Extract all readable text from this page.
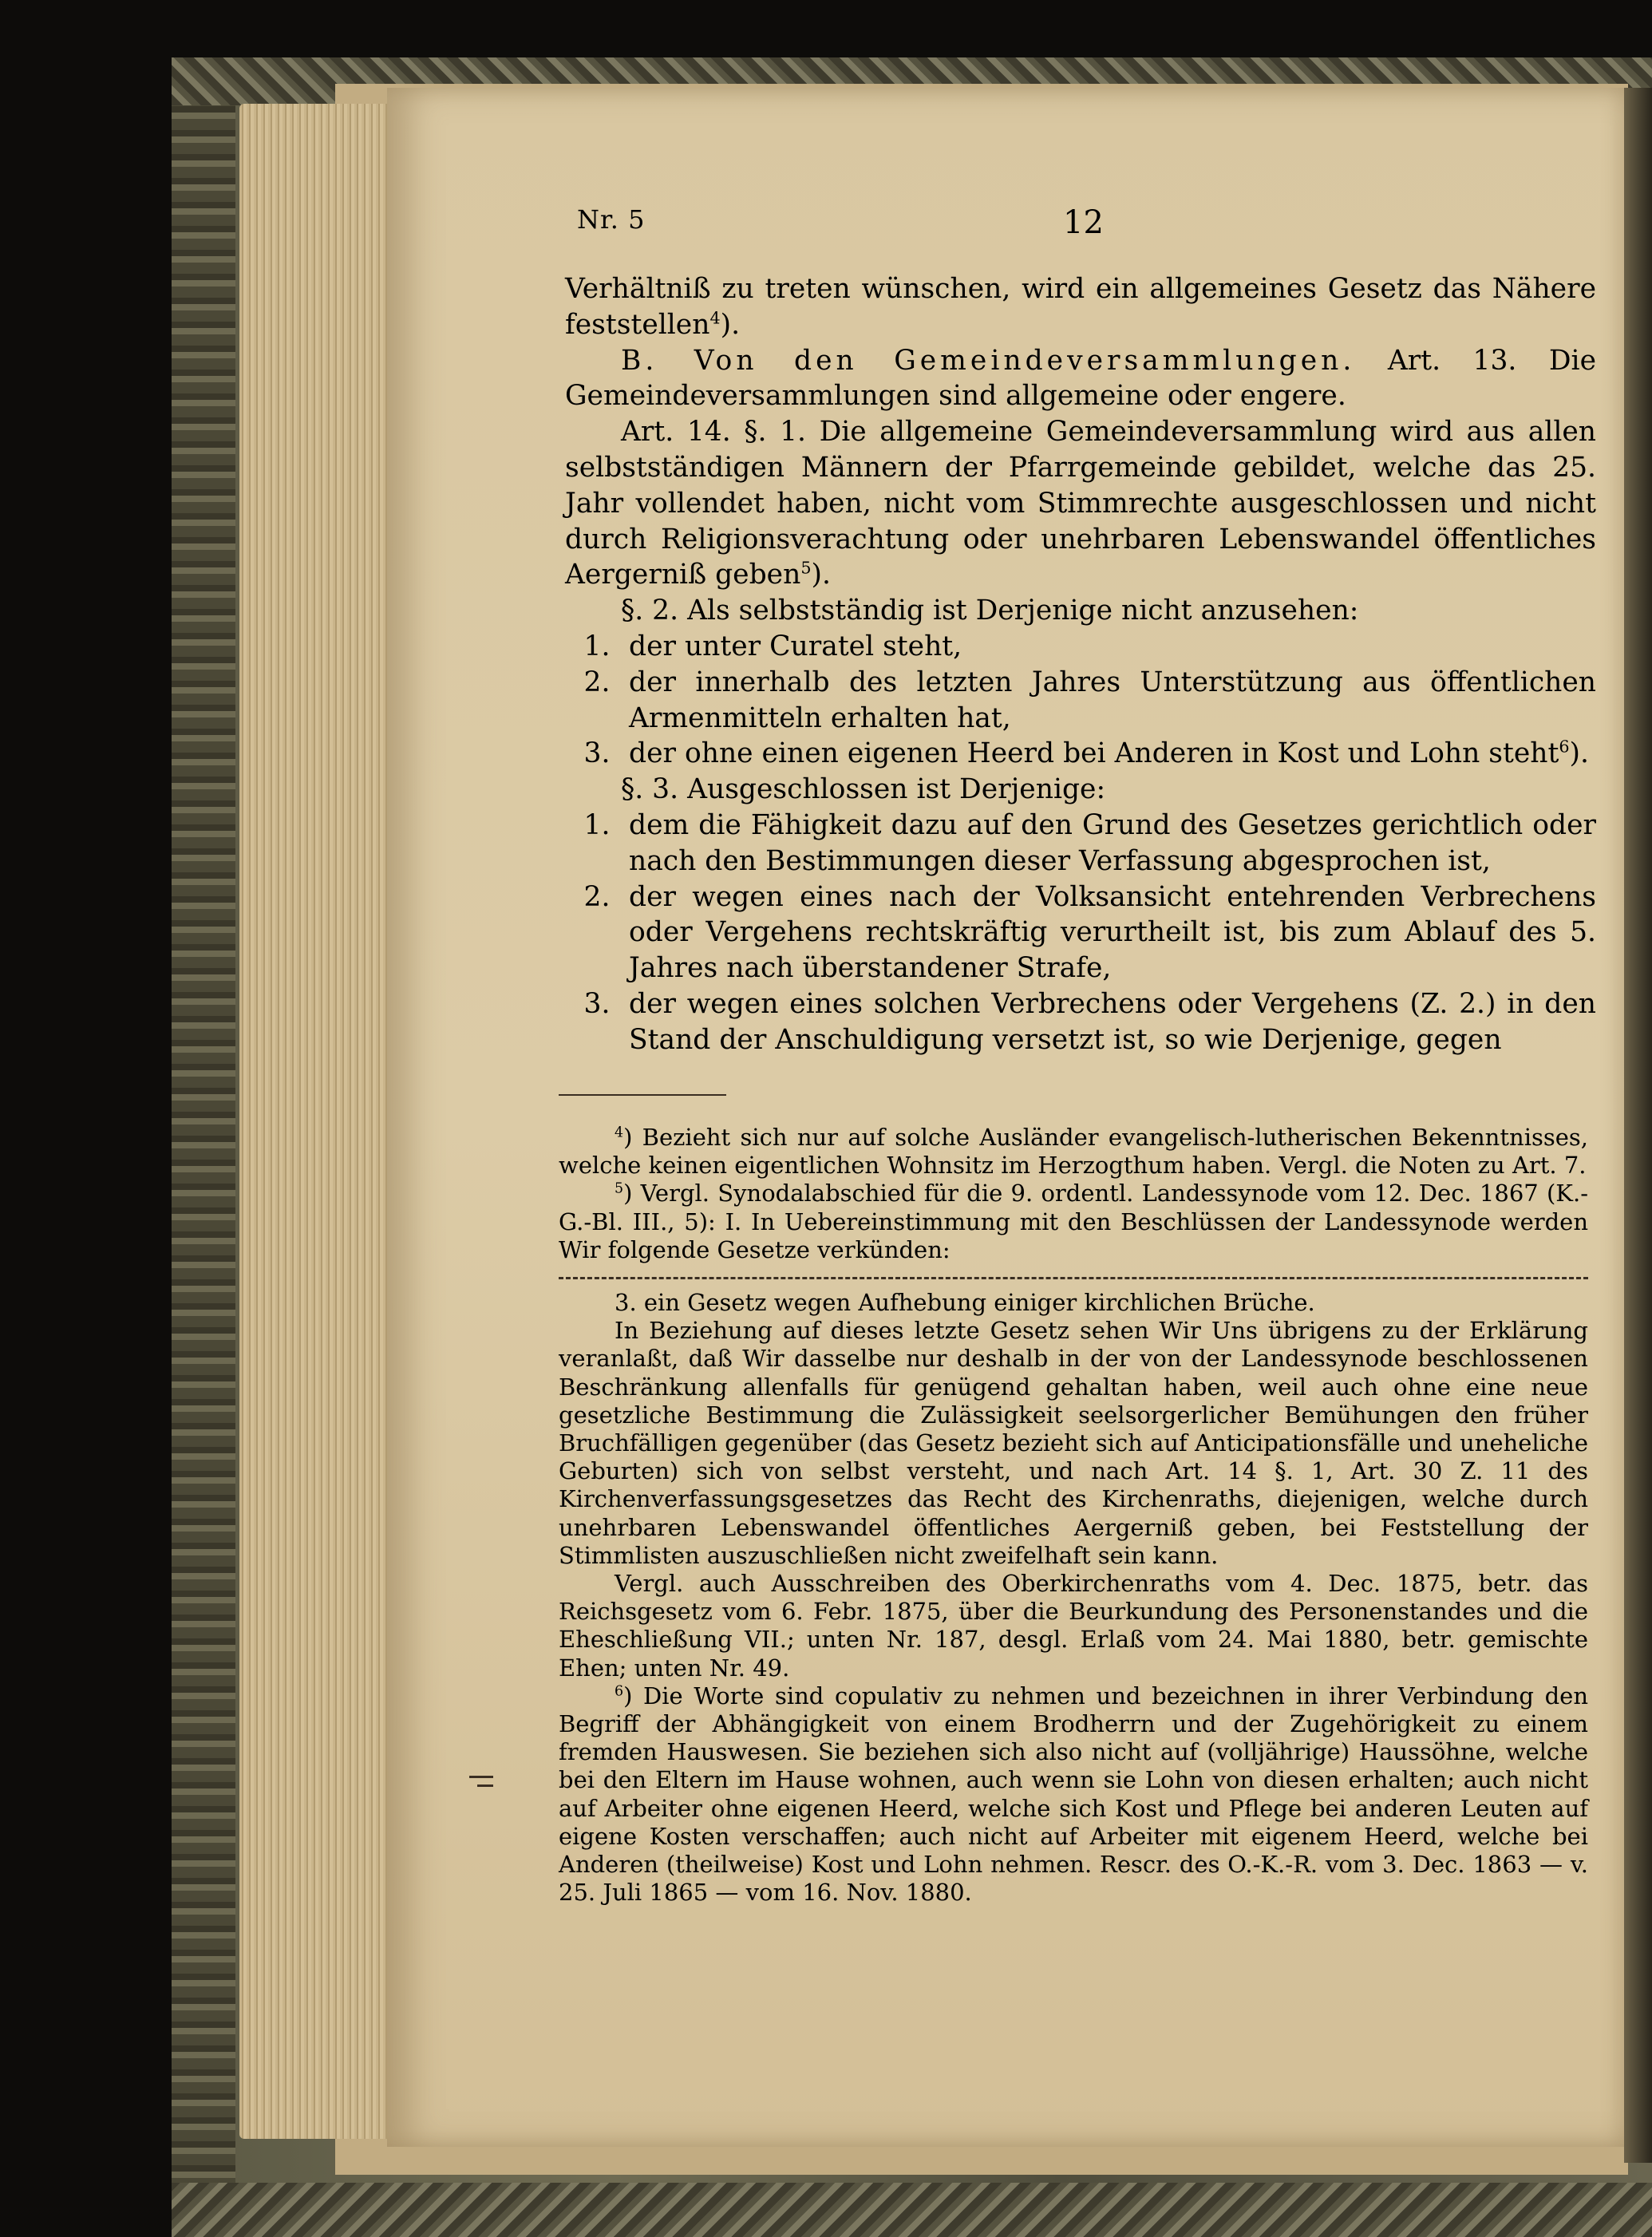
Nr. 5	12

Verhältniß zu treten wünschen, wird ein allgemeines Gesetz das Nähere feststellen$^4$).

B. Von den Gemeindeversammlungen. Art. 13. Die Gemeindeversammlungen sind allgemeine oder engere.

Art. 14. §. 1. Die allgemeine Gemeindeversammlung wird aus allen selbstständigen Männern der Pfarrgemeinde gebildet, welche das 25. Jahr vollendet haben, nicht vom Stimmrechte ausgeschlossen und nicht durch Religionsverachtung oder unehrbaren Lebenswandel öffentliches Aergerniß geben$^5$).

§. 2. Als selbstständig ist Derjenige nicht anzusehen:

1. der unter Curatel steht,
2. der innerhalb des letzten Jahres Unterstützung aus öffentlichen Armenmitteln erhalten hat,
3. der ohne einen eigenen Heerd bei Anderen in Kost und Lohn steht$^6$).

§. 3. Ausgeschlossen ist Derjenige:

1. dem die Fähigkeit dazu auf den Grund des Gesetzes gerichtlich oder nach den Bestimmungen dieser Verfassung abgesprochen ist,
2. der wegen eines nach der Volksansicht entehrenden Verbrechens oder Vergehens rechtskräftig verurtheilt ist, bis zum Ablauf des 5. Jahres nach überstandener Strafe,
3. der wegen eines solchen Verbrechens oder Vergehens (Z. 2.) in den Stand der Anschuldigung versetzt ist, so wie Derjenige, gegen

$^4$) Bezieht sich nur auf solche Ausländer evangelisch-lutherischen Bekenntnisses, welche keinen eigentlichen Wohnsitz im Herzogthum haben. Vergl. die Noten zu Art. 7.

$^5$) Vergl. Synodalabschied für die 9. ordentl. Landessynode vom 12. Dec. 1867 (K.-G.-Bl. III., 5): I. In Uebereinstimmung mit den Beschlüssen der Landessynode werden Wir folgende Gesetze verkünden:

3. ein Gesetz wegen Aufhebung einiger kirchlichen Brüche.

In Beziehung auf dieses letzte Gesetz sehen Wir Uns übrigens zu der Erklärung veranlaßt, daß Wir dasselbe nur deshalb in der von der Landessynode beschlossenen Beschränkung allenfalls für genügend gehaltan haben, weil auch ohne eine neue gesetzliche Bestimmung die Zulässigkeit seelsorgerlicher Bemühungen den früher Bruchfälligen gegenüber (das Gesetz bezieht sich auf Anticipationsfälle und uneheliche Geburten) sich von selbst versteht, und nach Art. 14 §. 1, Art. 30 Z. 11 des Kirchenverfassungsgesetzes das Recht des Kirchenraths, diejenigen, welche durch unehrbaren Lebenswandel öffentliches Aergerniß geben, bei Feststellung der Stimmlisten auszuschließen nicht zweifelhaft sein kann.

Vergl. auch Ausschreiben des Oberkirchenraths vom 4. Dec. 1875, betr. das Reichsgesetz vom 6. Febr. 1875, über die Beurkundung des Personenstandes und die Eheschließung VII.; unten Nr. 187, desgl. Erlaß vom 24. Mai 1880, betr. gemischte Ehen; unten Nr. 49.

$^6$) Die Worte sind copulativ zu nehmen und bezeichnen in ihrer Verbindung den Begriff der Abhängigkeit von einem Brodherrn und der Zugehörigkeit zu einem fremden Hauswesen. Sie beziehen sich also nicht auf (volljährige) Haussöhne, welche bei den Eltern im Hause wohnen, auch wenn sie Lohn von diesen erhalten; auch nicht auf Arbeiter ohne eigenen Heerd, welche sich Kost und Pflege bei anderen Leuten auf eigene Kosten verschaffen; auch nicht auf Arbeiter mit eigenem Heerd, welche bei Anderen (theilweise) Kost und Lohn nehmen. Rescr. des O.-K.-R. vom 3. Dec. 1863 — v. 25. Juli 1865 — vom 16. Nov. 1880.
